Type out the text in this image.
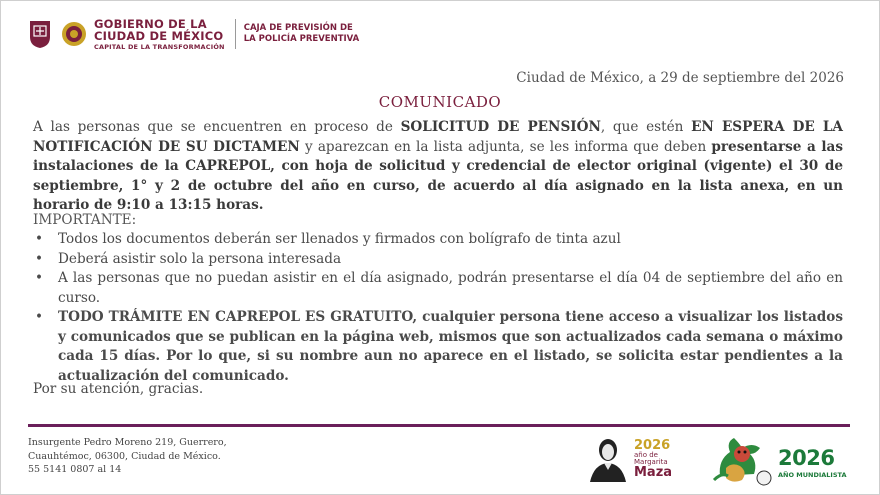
GOBIERNO DE LA
CIUDAD DE MÉXICO
CAPITAL DE LA TRANSFORMACIÓN
CAJA DE PREVISIÓN DE
LA POLICÍA PREVENTIVA
Ciudad de México, a 29 de septiembre del 2026
COMUNICADO
A las personas que se encuentren en proceso de SOLICITUD DE PENSIÓN, que estén EN ESPERA DE LA NOTIFICACIÓN DE SU DICTAMEN y aparezcan en la lista adjunta, se les informa que deben presentarse a las instalaciones de la CAPREPOL, con hoja de solicitud y credencial de elector original (vigente) el 30 de septiembre, 1° y 2 de octubre del año en curso, de acuerdo al día asignado en la lista anexa, en un horario de 9:10 a 13:15 horas.
IMPORTANTE:
• Todos los documentos deberán ser llenados y firmados con bolígrafo de tinta azul
• Deberá asistir solo la persona interesada
• A las personas que no puedan asistir en el día asignado, podrán presentarse el día 04 de septiembre del año en curso.
• TODO TRÁMITE EN CAPREPOL ES GRATUITO, cualquier persona tiene acceso a visualizar los listados y comunicados que se publican en la página web, mismos que son actualizados cada semana o máximo cada 15 días. Por lo que, si su nombre aun no aparece en el listado, se solicita estar pendientes a la actualización del comunicado.
Por su atención, gracias.
Insurgente Pedro Moreno 219, Guerrero,
Cuauhtémoc, 06300, Ciudad de México.
55 5141 0807 al 14
2026
año de
Margarita
Maza
2026
AÑO MUNDIALISTA
